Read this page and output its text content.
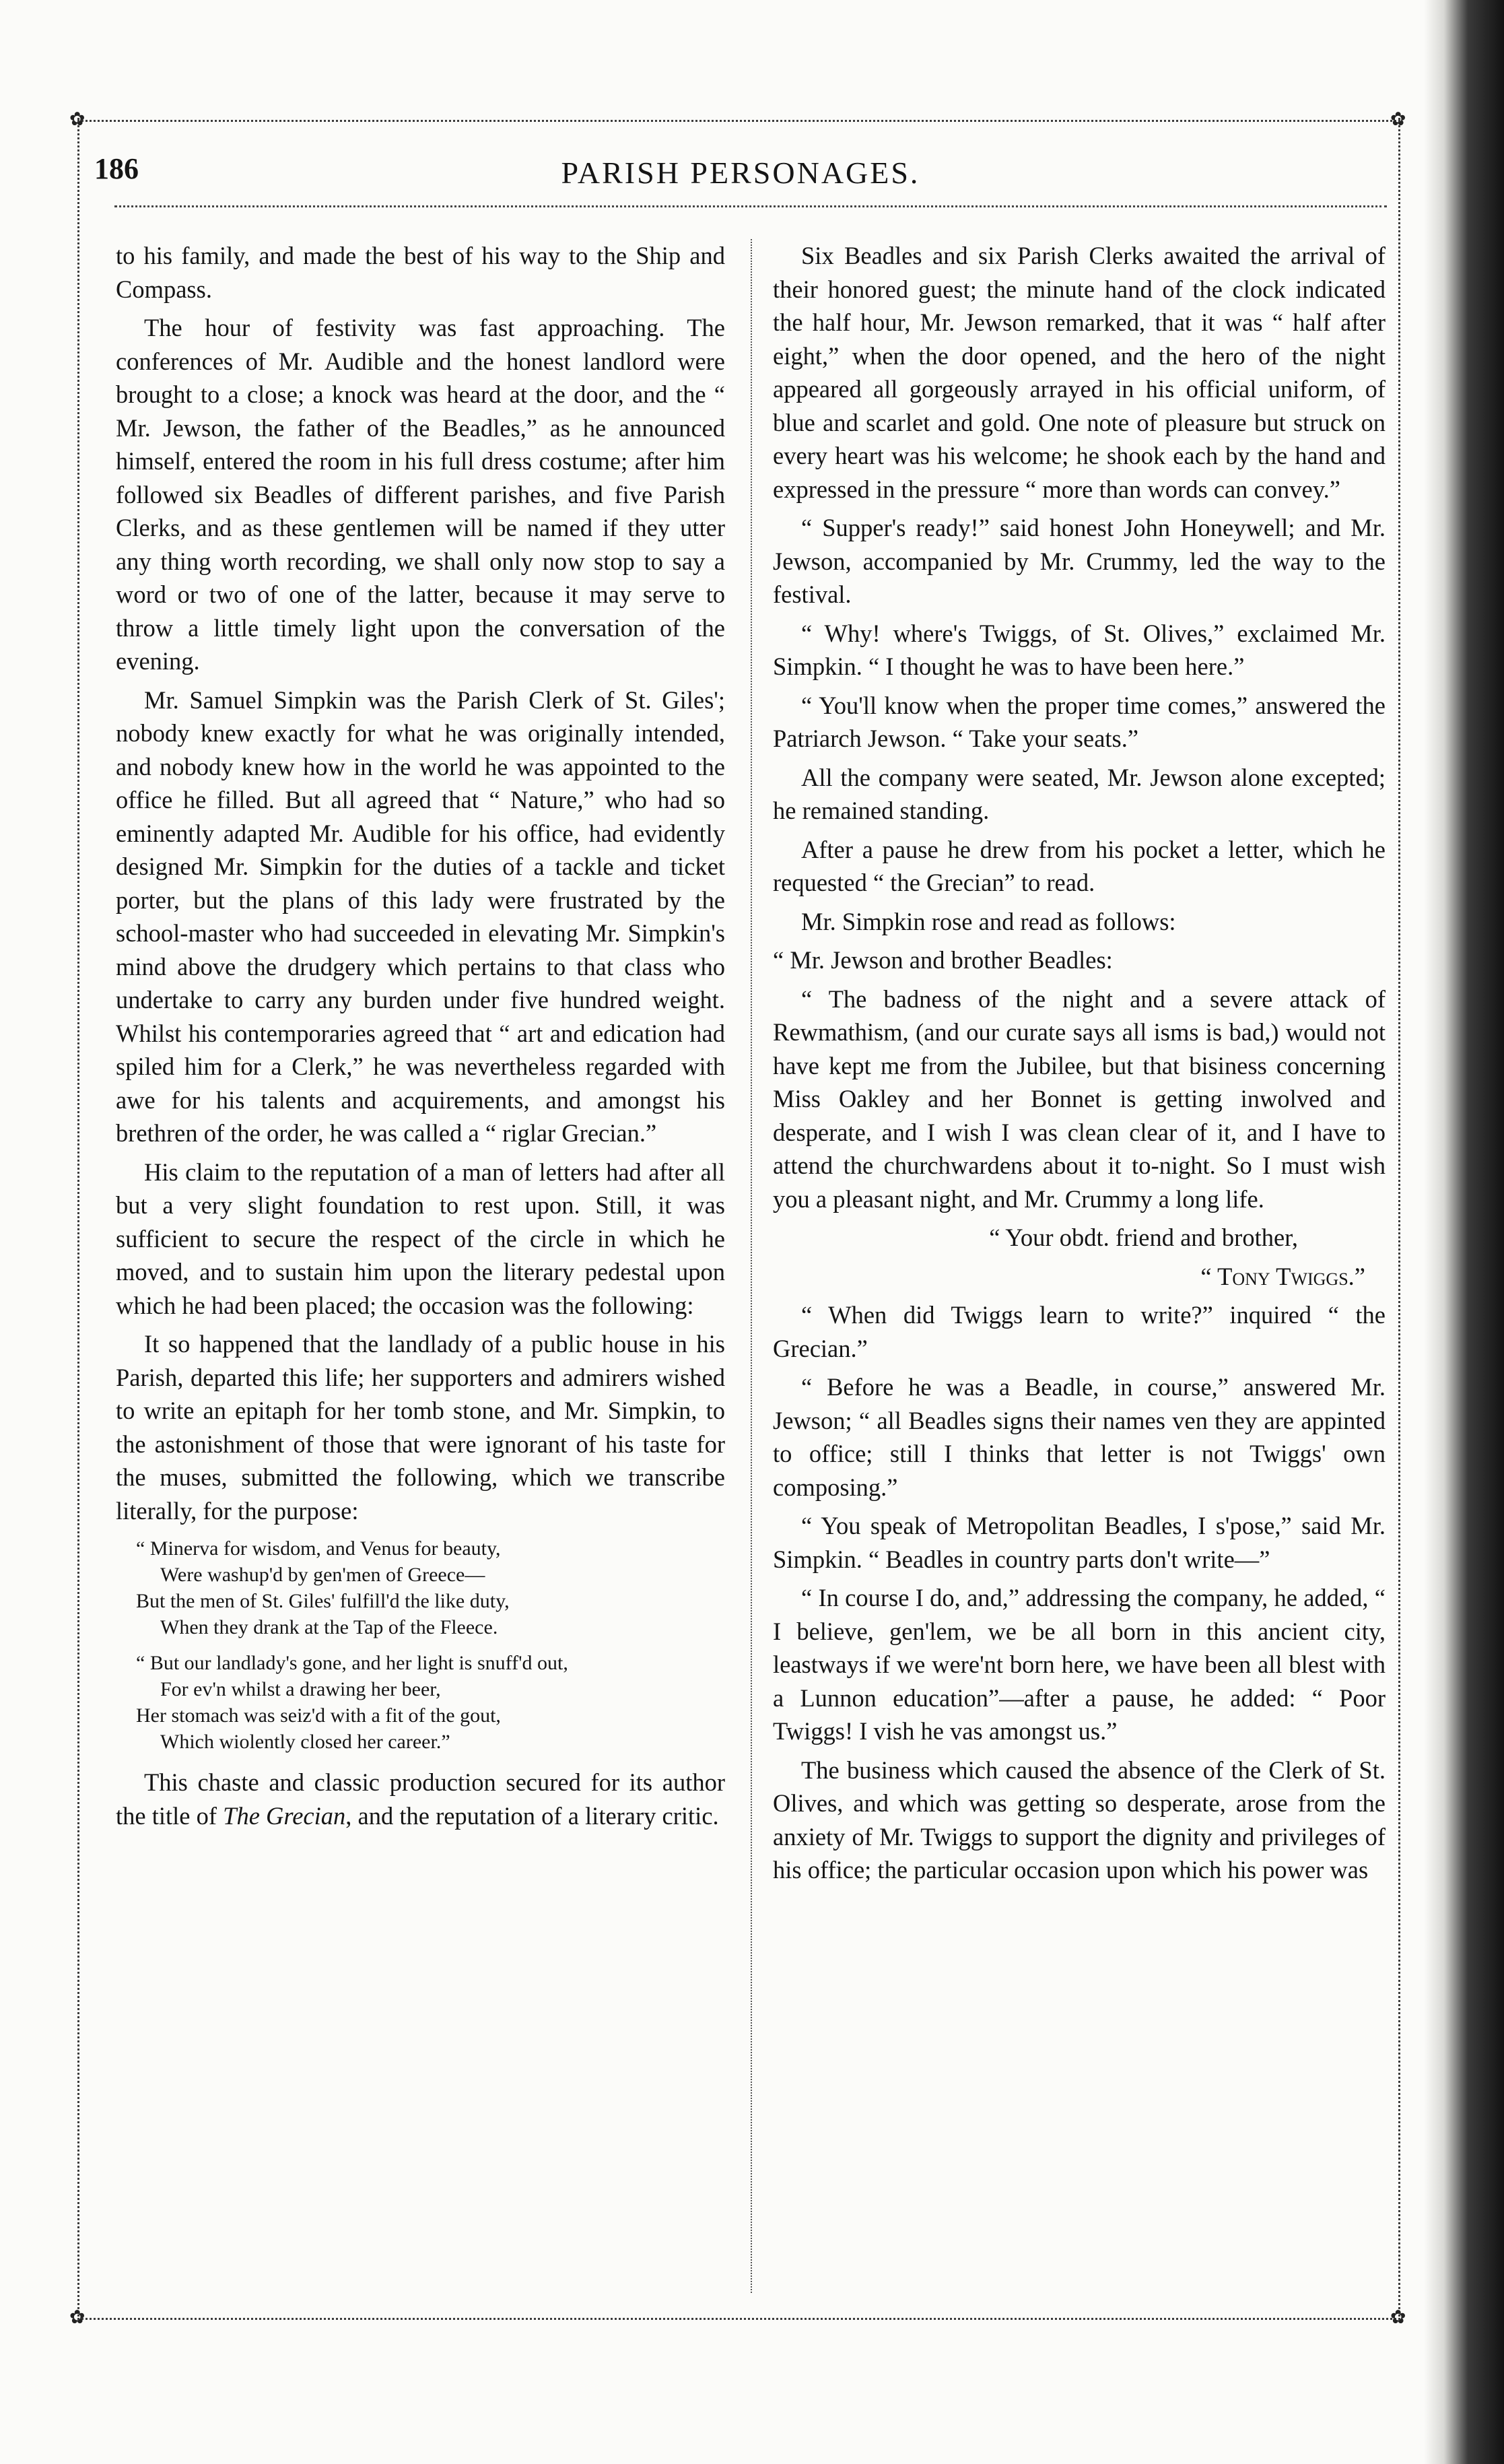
✿	✿
✿	✿
186	PARISH PERSONAGES.

to his family, and made the best of his way to the Ship and Compass.

The hour of festivity was fast approaching. The conferences of Mr. Audible and the honest landlord were brought to a close; a knock was heard at the door, and the “ Mr. Jewson, the father of the Beadles,” as he announced himself, entered the room in his full dress costume; after him followed six Beadles of different parishes, and five Parish Clerks, and as these gentlemen will be named if they utter any thing worth recording, we shall only now stop to say a word or two of one of the latter, because it may serve to throw a little timely light upon the conversation of the evening.

Mr. Samuel Simpkin was the Parish Clerk of St. Giles'; nobody knew exactly for what he was originally intended, and nobody knew how in the world he was appointed to the office he filled. But all agreed that “ Nature,” who had so eminently adapted Mr. Audible for his office, had evidently designed Mr. Simpkin for the duties of a tackle and ticket porter, but the plans of this lady were frustrated by the school-master who had succeeded in elevating Mr. Simpkin's mind above the drudgery which pertains to that class who undertake to carry any burden under five hundred weight. Whilst his contemporaries agreed that “ art and edication had spiled him for a Clerk,” he was nevertheless regarded with awe for his talents and acquirements, and amongst his brethren of the order, he was called a “ riglar Grecian.”

His claim to the reputation of a man of letters had after all but a very slight foundation to rest upon. Still, it was sufficient to secure the respect of the circle in which he moved, and to sustain him upon the literary pedestal upon which he had been placed; the occasion was the following:

It so happened that the landlady of a public house in his Parish, departed this life; her supporters and admirers wished to write an epitaph for her tomb stone, and Mr. Simpkin, to the astonishment of those that were ignorant of his taste for the muses, submitted the following, which we transcribe literally, for the purpose:

“ Minerva for wisdom, and Venus for beauty,
Were washup'd by gen'men of Greece—
But the men of St. Giles' fulfill'd the like duty,
When they drank at the Tap of the Fleece.
“ But our landlady's gone, and her light is snuff'd out,
For ev'n whilst a drawing her beer,
Her stomach was seiz'd with a fit of the gout,
Which wiolently closed her career.”

This chaste and classic production secured for its author the title of The Grecian, and the reputation of a literary critic.

Six Beadles and six Parish Clerks awaited the arrival of their honored guest; the minute hand of the clock indicated the half hour, Mr. Jewson remarked, that it was “ half after eight,” when the door opened, and the hero of the night appeared all gorgeously arrayed in his official uniform, of blue and scarlet and gold. One note of pleasure but struck on every heart was his welcome; he shook each by the hand and expressed in the pressure “ more than words can convey.”

“ Supper's ready!” said honest John Honeywell; and Mr. Jewson, accompanied by Mr. Crummy, led the way to the festival.

“ Why! where's Twiggs, of St. Olives,” exclaimed Mr. Simpkin. “ I thought he was to have been here.”

“ You'll know when the proper time comes,” answered the Patriarch Jewson. “ Take your seats.”

All the company were seated, Mr. Jewson alone excepted; he remained standing.

After a pause he drew from his pocket a letter, which he requested “ the Grecian” to read.

Mr. Simpkin rose and read as follows:

“ Mr. Jewson and brother Beadles:

“ The badness of the night and a severe attack of Rewmathism, (and our curate says all isms is bad,) would not have kept me from the Jubilee, but that bisiness concerning Miss Oakley and her Bonnet is getting inwolved and desperate, and I wish I was clean clear of it, and I have to attend the churchwardens about it to-night. So I must wish you a pleasant night, and Mr. Crummy a long life.

“ Your obdt. friend and brother,

“ Tony Twiggs.”

“ When did Twiggs learn to write?” inquired “ the Grecian.”

“ Before he was a Beadle, in course,” answered Mr. Jewson; “ all Beadles signs their names ven they are appinted to office; still I thinks that letter is not Twiggs' own composing.”

“ You speak of Metropolitan Beadles, I s'pose,” said Mr. Simpkin. “ Beadles in country parts don't write—”

“ In course I do, and,” addressing the company, he added, “ I believe, gen'lem, we be all born in this ancient city, leastways if we were'nt born here, we have been all blest with a Lunnon education”—after a pause, he added: “ Poor Twiggs! I vish he vas amongst us.”

The business which caused the absence of the Clerk of St. Olives, and which was getting so desperate, arose from the anxiety of Mr. Twiggs to support the dignity and privileges of his office; the particular occasion upon which his power was
